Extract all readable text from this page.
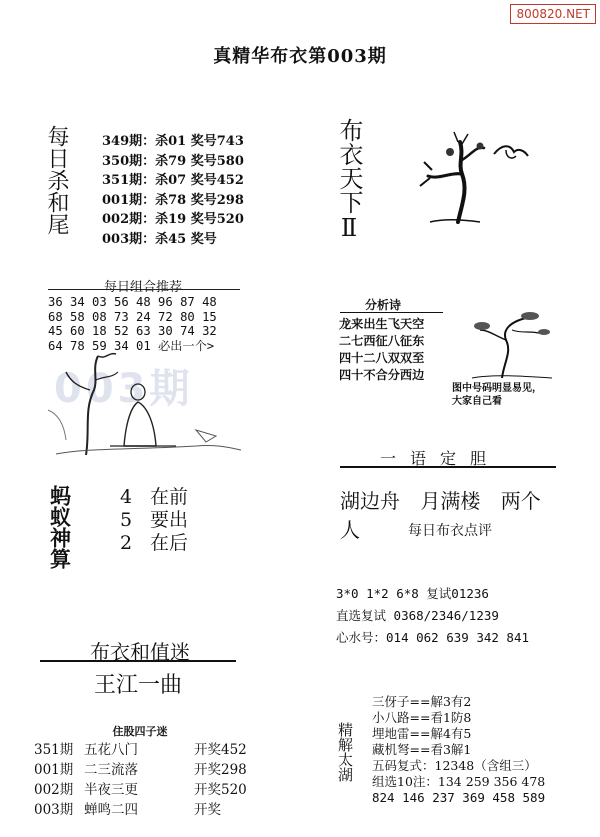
800820.NET
真精华布衣第003期
每日杀和尾	349期：杀01 奖号743
350期：杀79 奖号580
351期：杀07 奖号452
001期：杀78 奖号298
002期：杀19 奖号520
003期：杀45 奖号
每日组合推荐
36 34 03 56 48 96 87 48
68 58 08 73 24 72 80 15
45 60 18 52 63 30 74 32
64 78 59 34 01 必出一个>
003期
蚂蚁神算	4 在前
5 要出
2 在后
布衣和值迷
王江一曲
住股四子迷
351期 五花八门	开奖452
001期 二三流落	开奖298
002期 半夜三更	开奖520
003期 蝉鸣二四	开奖
布衣天下Ⅱ
分析诗
龙来出生飞天空
二七西征八征东
四十二八双双至
四十不合分西边
图中号码明显易见，
大家自己看
一语定胆
湖边舟 月满楼 两个人	每日布衣点评
3*0 1*2 6*8 复试01236
直选复试 0368/2346/1239
心水号：014 062 639 342 841
精解太湖
三伢子==解3有2
小八路==看1防8
埋地雷==解4有5
藏机弩==看3解1
五码复式：12348（含组三）
组选10注：134 259 356 478
824 146 237 369 458 589
